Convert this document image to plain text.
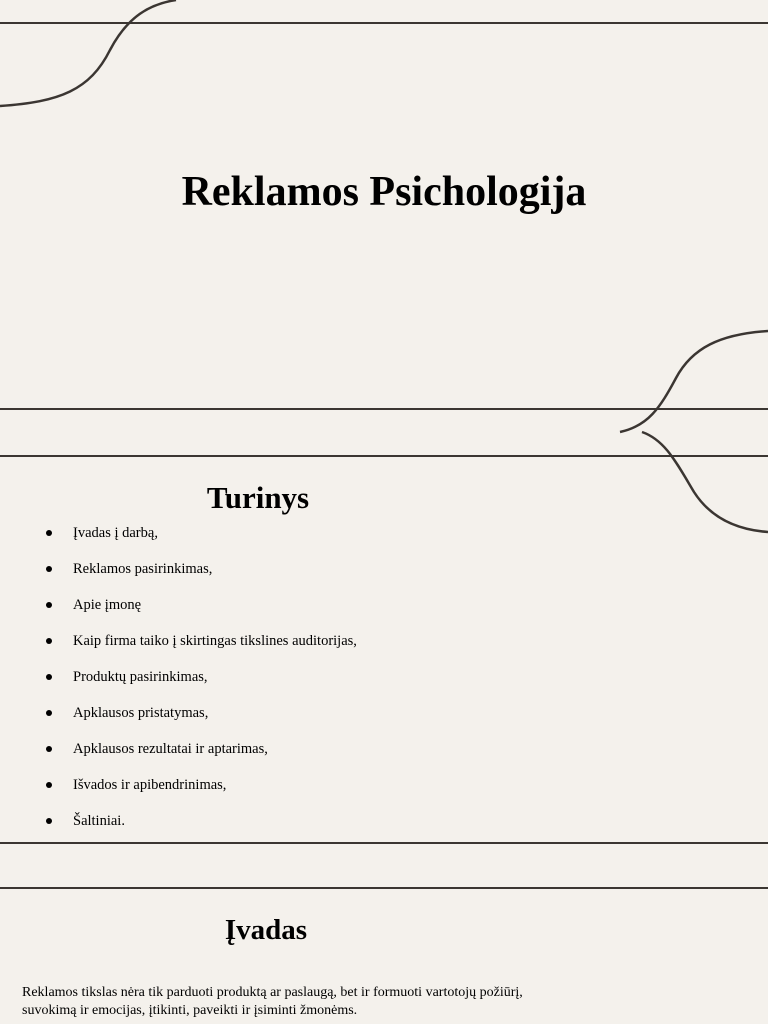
Reklamos Psichologija
Turinys
Įvadas į darbą,
Reklamos pasirinkimas,
Apie įmonę
Kaip firma taiko į skirtingas tikslines auditorijas,
Produktų pasirinkimas,
Apklausos pristatymas,
Apklausos rezultatai ir aptarimas,
Išvados ir apibendrinimas,
Šaltiniai.
Įvadas

Reklamos tikslas nėra tik parduoti produktą ar paslaugą, bet ir formuoti vartotojų požiūrį,
suvokimą ir emocijas, įtikinti, paveikti ir įsiminti žmonėms.
